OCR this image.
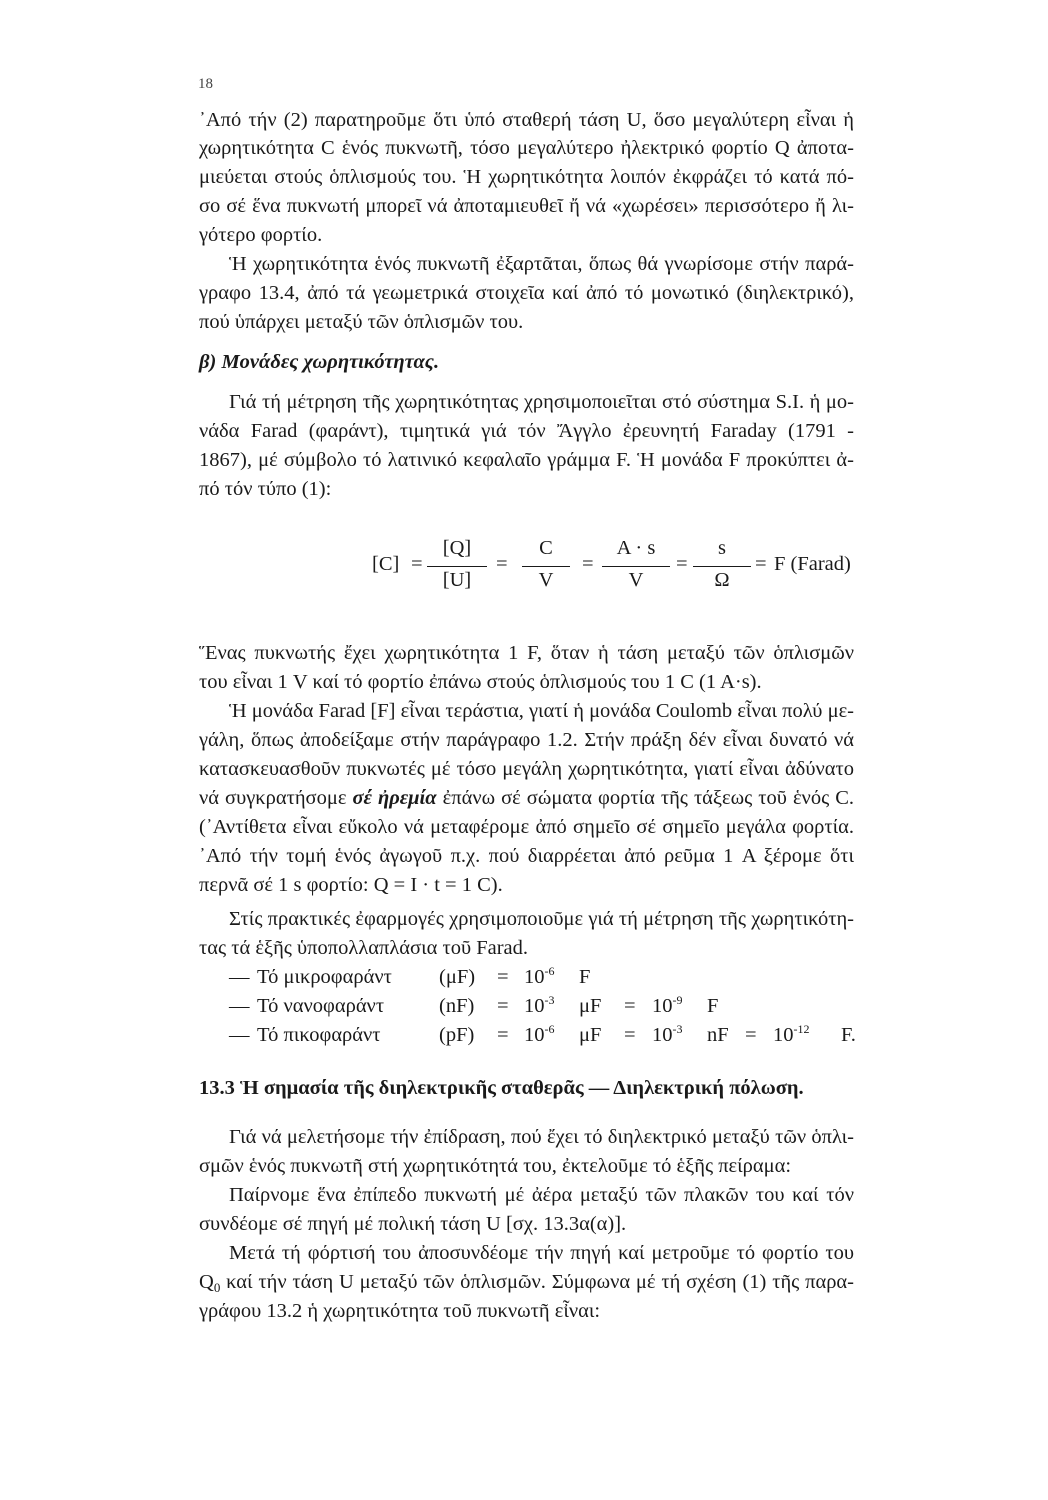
18
᾽Από τήν (2) παρατηροῦμε ὅτι ὑπό σταθερή τάση U, ὅσο μεγαλύτερη εἶναι ἡ
χωρητικότητα C ἑνός πυκνωτῆ, τόσο μεγαλύτερο ἠλεκτρικό φορτίο Q ἀποτα-
μιεύεται στούς ὁπλισμούς του. Ἡ χωρητικότητα λοιπόν ἐκφράζει τό κατά πό-
σο σέ ἕνα πυκνωτή μπορεῖ νά ἀποταμιευθεῖ ἤ νά «χωρέσει» περισσότερο ἤ λι-
γότερο φορτίο.
Ἡ χωρητικότητα ἑνός πυκνωτῆ ἐξαρτᾶται, ὅπως θά γνωρίσομε στήν παρά-
γραφο 13.4, ἀπό τά γεωμετρικά στοιχεῖα καί ἀπό τό μονωτικό (διηλεκτρικό),
πού ὑπάρχει μεταξύ τῶν ὁπλισμῶν του.
β) Μονάδες χωρητικότητας.
Γιά τή μέτρηση τῆς χωρητικότητας χρησιμοποιεῖται στό σύστημα S.I. ἡ μο-
νάδα Farad (φαράντ), τιμητικά γιά τόν Ἄγγλο ἐρευνητή Faraday (1791 -
1867), μέ σύμβολο τό λατινικό κεφαλαῖο γράμμα F. Ἡ μονάδα F προκύπτει ἀ-
πό τόν τύπο (1):
[C] =
[Q]
[U]
=
C
V
=
A · s
V
=
s
Ω
= F (Farad)
Ἕνας πυκνωτής ἔχει χωρητικότητα 1 F, ὅταν ἡ τάση μεταξύ τῶν ὁπλισμῶν
του εἶναι 1 V καί τό φορτίο ἐπάνω στούς ὁπλισμούς του 1 C (1 A·s).
Ἡ μονάδα Farad [F] εἶναι τεράστια, γιατί ἡ μονάδα Coulomb εἶναι πολύ με-
γάλη, ὅπως ἀποδείξαμε στήν παράγραφο 1.2. Στήν πράξη δέν εἶναι δυνατό νά
κατασκευασθοῦν πυκνωτές μέ τόσο μεγάλη χωρητικότητα, γιατί εἶναι ἀδύνατο
νά συγκρατήσομε σέ ἠρεμία ἐπάνω σέ σώματα φορτία τῆς τάξεως τοῦ ἑνός C.
(᾽Αντίθετα εἶναι εὔκολο νά μεταφέρομε ἀπό σημεῖο σέ σημεῖο μεγάλα φορτία.
᾽Από τήν τομή ἑνός ἀγωγοῦ π.χ. πού διαρρέεται ἀπό ρεῦμα 1 A ξέρομε ὅτι
περνᾶ σέ 1 s φορτίο: Q = I · t = 1 C).
Στίς πρακτικές ἐφαρμογές χρησιμοποιοῦμε γιά τή μέτρηση τῆς χωρητικότη-
τας τά ἑξῆς ὑποπολλαπλάσια τοῦ Farad.
— Τό μικροφαράντ $(\mu F) = 10^{-6}$ F
— Τό νανοφαράντ	$(nF) = 10^{-3}$ $\mu F = 10^{-9}$ F
— Τό πικοφαράντ	$(pF) = 10^{-6}$ $\mu F = 10^{-3}$ nF = $10^{-12}$ F.
13.3 Ἡ σημασία τῆς διηλεκτρικῆς σταθερᾶς — Διηλεκτρική πόλωση.
Γιά νά μελετήσομε τήν ἐπίδραση, πού ἔχει τό διηλεκτρικό μεταξύ τῶν ὁπλι-
σμῶν ἑνός πυκνωτῆ στή χωρητικότητά του, ἐκτελοῦμε τό ἑξῆς πείραμα:
Παίρνομε ἕνα ἐπίπεδο πυκνωτή μέ ἀέρα μεταξύ τῶν πλακῶν του καί τόν
συνδέομε σέ πηγή μέ πολική τάση U [σχ. 13.3α(α)].
Μετά τή φόρτισή του ἀποσυνδέομε τήν πηγή καί μετροῦμε τό φορτίο του
$Q_0$ καί τήν τάση U μεταξύ τῶν ὁπλισμῶν. Σύμφωνα μέ τή σχέση (1) τῆς παρα-
γράφου 13.2 ἡ χωρητικότητα τοῦ πυκνωτῆ εἶναι:
